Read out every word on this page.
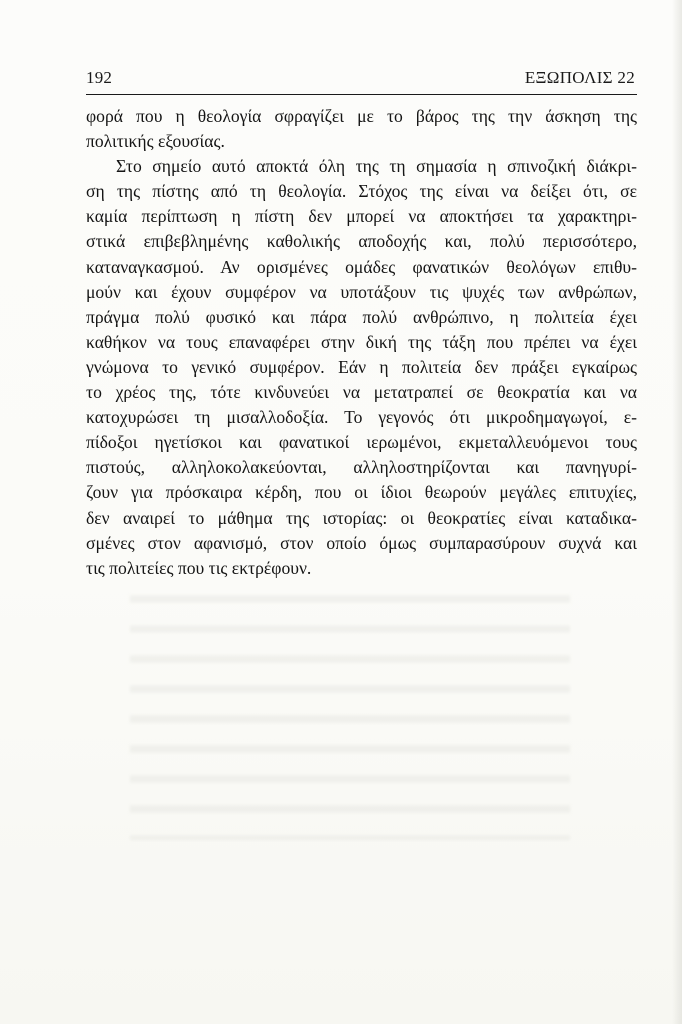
192	ΕΞΩΠΟΛΙΣ 22
φορά που η θεολογία σφραγίζει με το βάρος της την άσκηση της
πολιτικής εξουσίας.
Στο σημείο αυτό αποκτά όλη της τη σημασία η σπινοζική διάκρι-
ση της πίστης από τη θεολογία. Στόχος της είναι να δείξει ότι, σε
καμία περίπτωση η πίστη δεν μπορεί να αποκτήσει τα χαρακτηρι-
στικά επιβεβλημένης καθολικής αποδοχής και, πολύ περισσότερο,
καταναγκασμού. Αν ορισμένες ομάδες φανατικών θεολόγων επιθυ-
μούν και έχουν συμφέρον να υποτάξουν τις ψυχές των ανθρώπων,
πράγμα πολύ φυσικό και πάρα πολύ ανθρώπινο, η πολιτεία έχει
καθήκον να τους επαναφέρει στην δική της τάξη που πρέπει να έχει
γνώμονα το γενικό συμφέρον. Εάν η πολιτεία δεν πράξει εγκαίρως
το χρέος της, τότε κινδυνεύει να μετατραπεί σε θεοκρατία και να
κατοχυρώσει τη μισαλλοδοξία. Το γεγονός ότι μικροδημαγωγοί, ε-
πίδοξοι ηγετίσκοι και φανατικοί ιερωμένοι, εκμεταλλευόμενοι τους
πιστούς, αλληλοκολακεύονται, αλληλοστηρίζονται και πανηγυρί-
ζουν για πρόσκαιρα κέρδη, που οι ίδιοι θεωρούν μεγάλες επιτυχίες,
δεν αναιρεί το μάθημα της ιστορίας: οι θεοκρατίες είναι καταδικα-
σμένες στον αφανισμό, στον οποίο όμως συμπαρασύρουν συχνά και
τις πολιτείες που τις εκτρέφουν.
